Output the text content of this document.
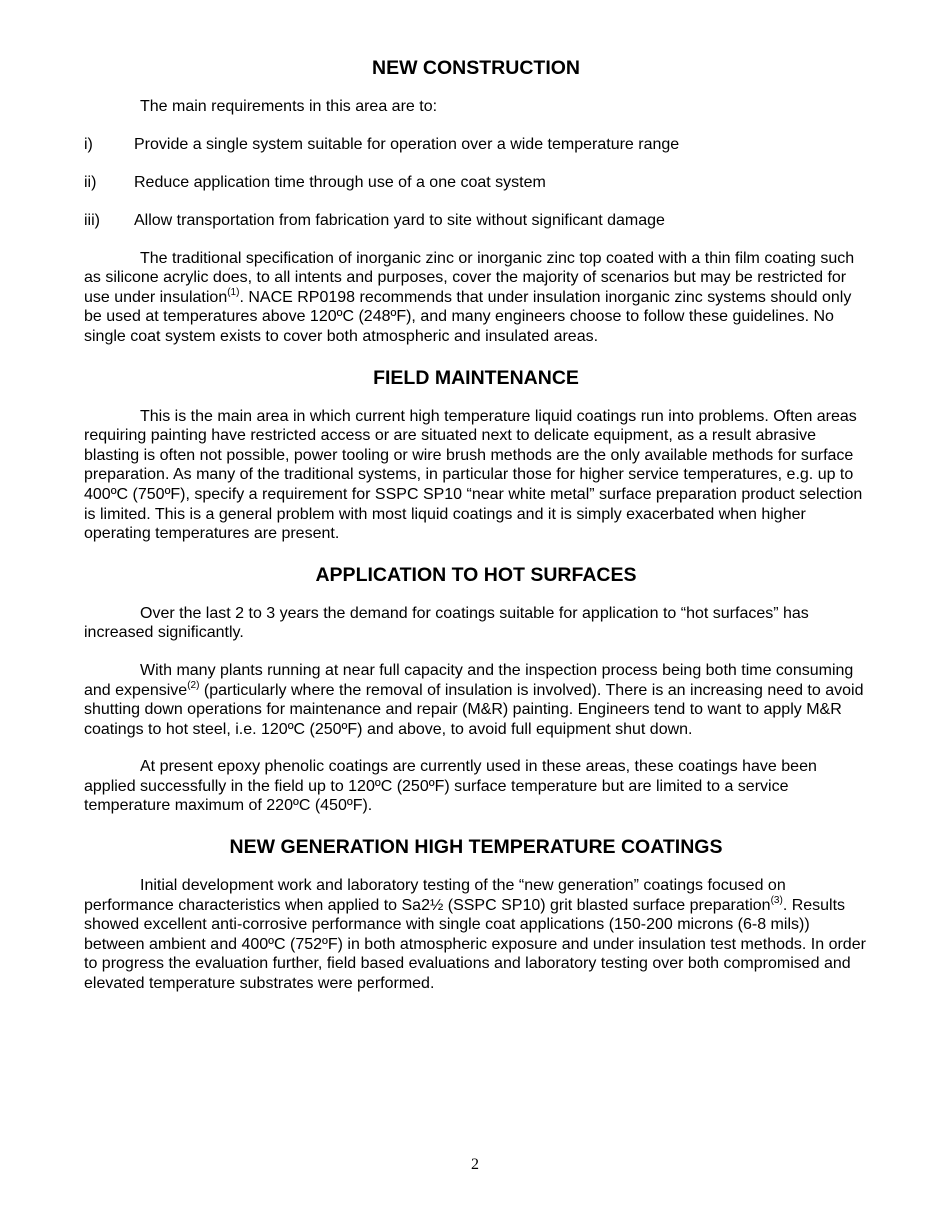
NEW CONSTRUCTION

The main requirements in this area are to:

i)	Provide a single system suitable for operation over a wide temperature range
ii)	Reduce application time through use of a one coat system
iii)	Allow transportation from fabrication yard to site without significant damage

The traditional specification of inorganic zinc or inorganic zinc top coated with a thin film coating such as silicone acrylic does, to all intents and purposes, cover the majority of scenarios but may be restricted for use under insulation$^{(1)}$. NACE RP0198 recommends that under insulation inorganic zinc systems should only be used at temperatures above 120ºC (248ºF), and many engineers choose to follow these guidelines. No single coat system exists to cover both atmospheric and insulated areas.

FIELD MAINTENANCE

This is the main area in which current high temperature liquid coatings run into problems. Often areas requiring painting have restricted access or are situated next to delicate equipment, as a result abrasive blasting is often not possible, power tooling or wire brush methods are the only available methods for surface preparation. As many of the traditional systems, in particular those for higher service temperatures, e.g. up to 400ºC (750ºF), specify a requirement for SSPC SP10 “near white metal” surface preparation product selection is limited. This is a general problem with most liquid coatings and it is simply exacerbated when higher operating temperatures are present.

APPLICATION TO HOT SURFACES

Over the last 2 to 3 years the demand for coatings suitable for application to “hot surfaces” has increased significantly.

With many plants running at near full capacity and the inspection process being both time consuming and expensive$^{(2)}$ (particularly where the removal of insulation is involved). There is an increasing need to avoid shutting down operations for maintenance and repair (M&R) painting. Engineers tend to want to apply M&R coatings to hot steel, i.e. 120ºC (250ºF) and above, to avoid full equipment shut down.

At present epoxy phenolic coatings are currently used in these areas, these coatings have been applied successfully in the field up to 120ºC (250ºF) surface temperature but are limited to a service temperature maximum of 220ºC (450ºF).

NEW GENERATION HIGH TEMPERATURE COATINGS

Initial development work and laboratory testing of the “new generation” coatings focused on performance characteristics when applied to Sa2½ (SSPC SP10) grit blasted surface preparation$^{(3)}$. Results showed excellent anti-corrosive performance with single coat applications (150-200 microns (6-8 mils)) between ambient and 400ºC (752ºF) in both atmospheric exposure and under insulation test methods. In order to progress the evaluation further, field based evaluations and laboratory testing over both compromised and elevated temperature substrates were performed.

2
